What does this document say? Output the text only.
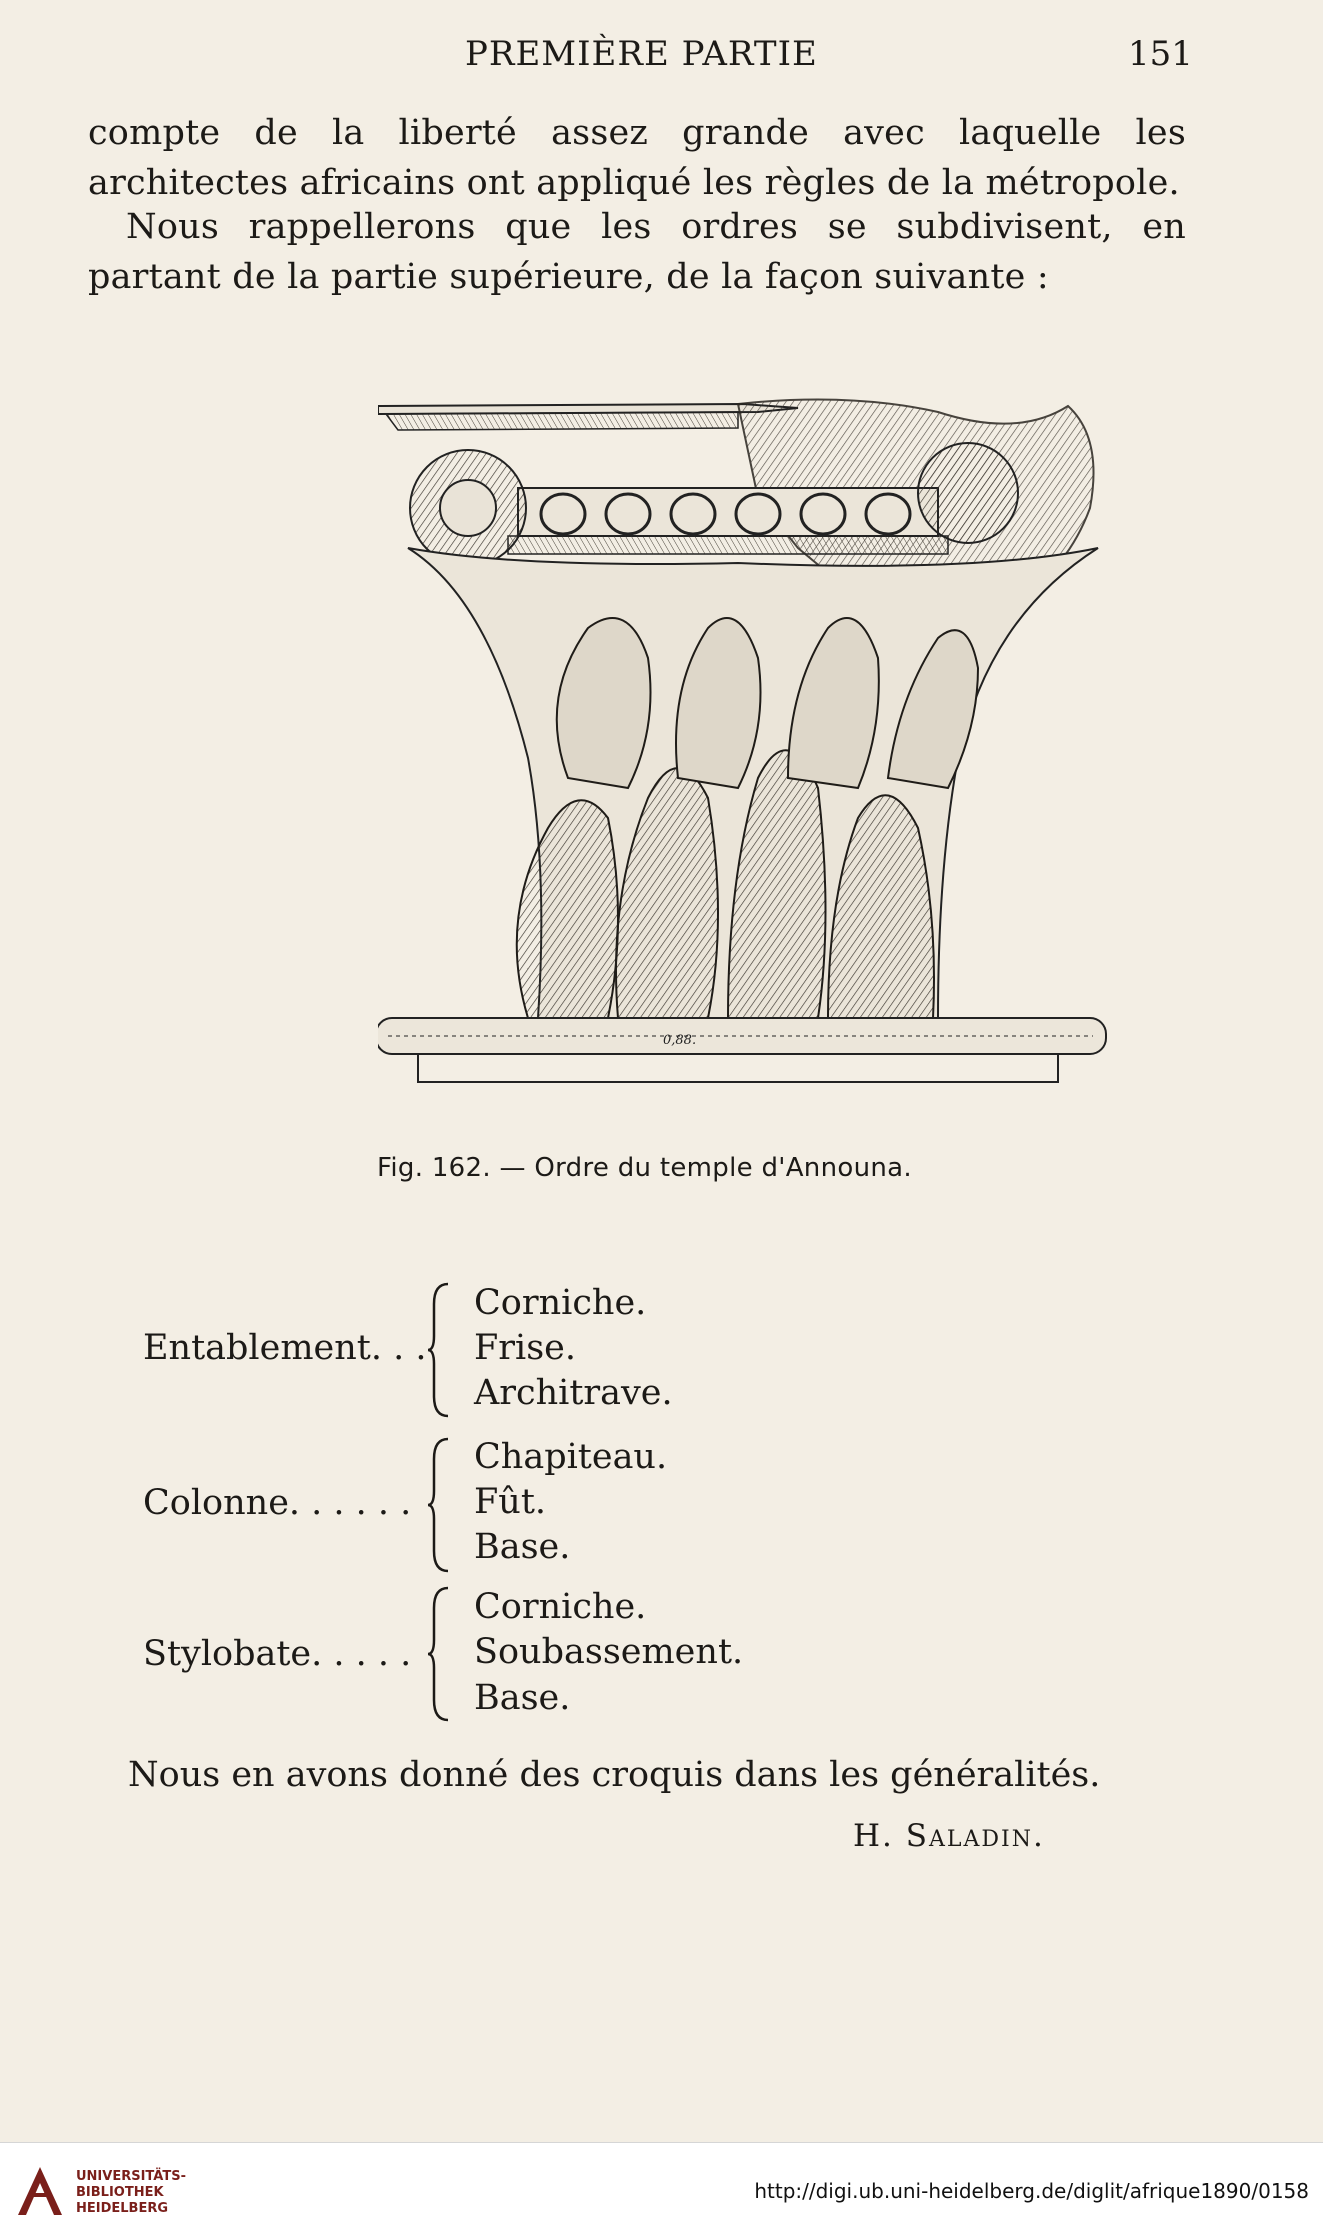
PREMIÈRE PARTIE	151
compte de la liberté assez grande avec laquelle les architectes africains ont appliqué les règles de la métropole.
Nous rappellerons que les ordres se subdivisent, en partant de la partie supérieure, de la façon suivante :
0,88.
Fig. 162. — Ordre du temple d'Announa.
Entablement. . .
Corniche.
Frise.
Architrave.
Colonne. . . . . .
Chapiteau.
Fût.
Base.
Stylobate. . . . .
Corniche.
Soubassement.
Base.
Nous en avons donné des croquis dans les généralités.
H. Saladin.
UNIVERSITÄTS-
BIBLIOTHEK
HEIDELBERG
http://digi.ub.uni-heidelberg.de/diglit/afrique1890/0158
